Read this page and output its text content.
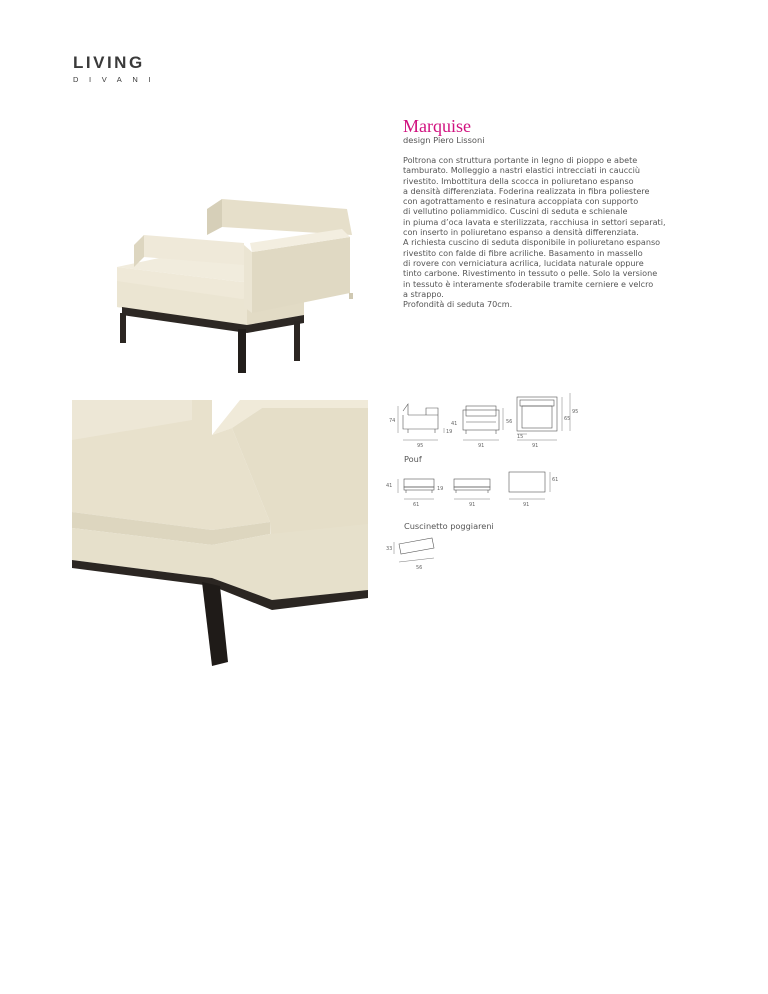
LIVING
DIVANI
Marquise
design Piero Lissoni
Poltrona con struttura portante in legno di pioppo e abete
tamburato. Molleggio a nastri elastici intrecciati in caucciù
rivestito. Imbottitura della scocca in poliuretano espanso
a densità differenziata. Foderina realizzata in fibra poliestere
con agotrattamento e resinatura accoppiata con supporto
di vellutino poliammidico. Cuscini di seduta e schienale
in piuma d’oca lavata e sterilizzata, racchiusa in settori separati,
con inserto in poliuretano espanso a densità differenziata.
A richiesta cuscino di seduta disponibile in poliuretano espanso
rivestito con falde di fibre acriliche. Basamento in massello
di rovere con verniciatura acrilica, lucidata naturale oppure
tinto carbone. Rivestimento in tessuto o pelle. Solo la versione
in tessuto è interamente sfoderabile tramite cerniere e velcro
a strappo.
Profondità di seduta 70cm.
74
19
41
95
56
91
95
65
15
91
41	19
61	91
61
91
33
56
Pouf
Cuscinetto poggiareni
